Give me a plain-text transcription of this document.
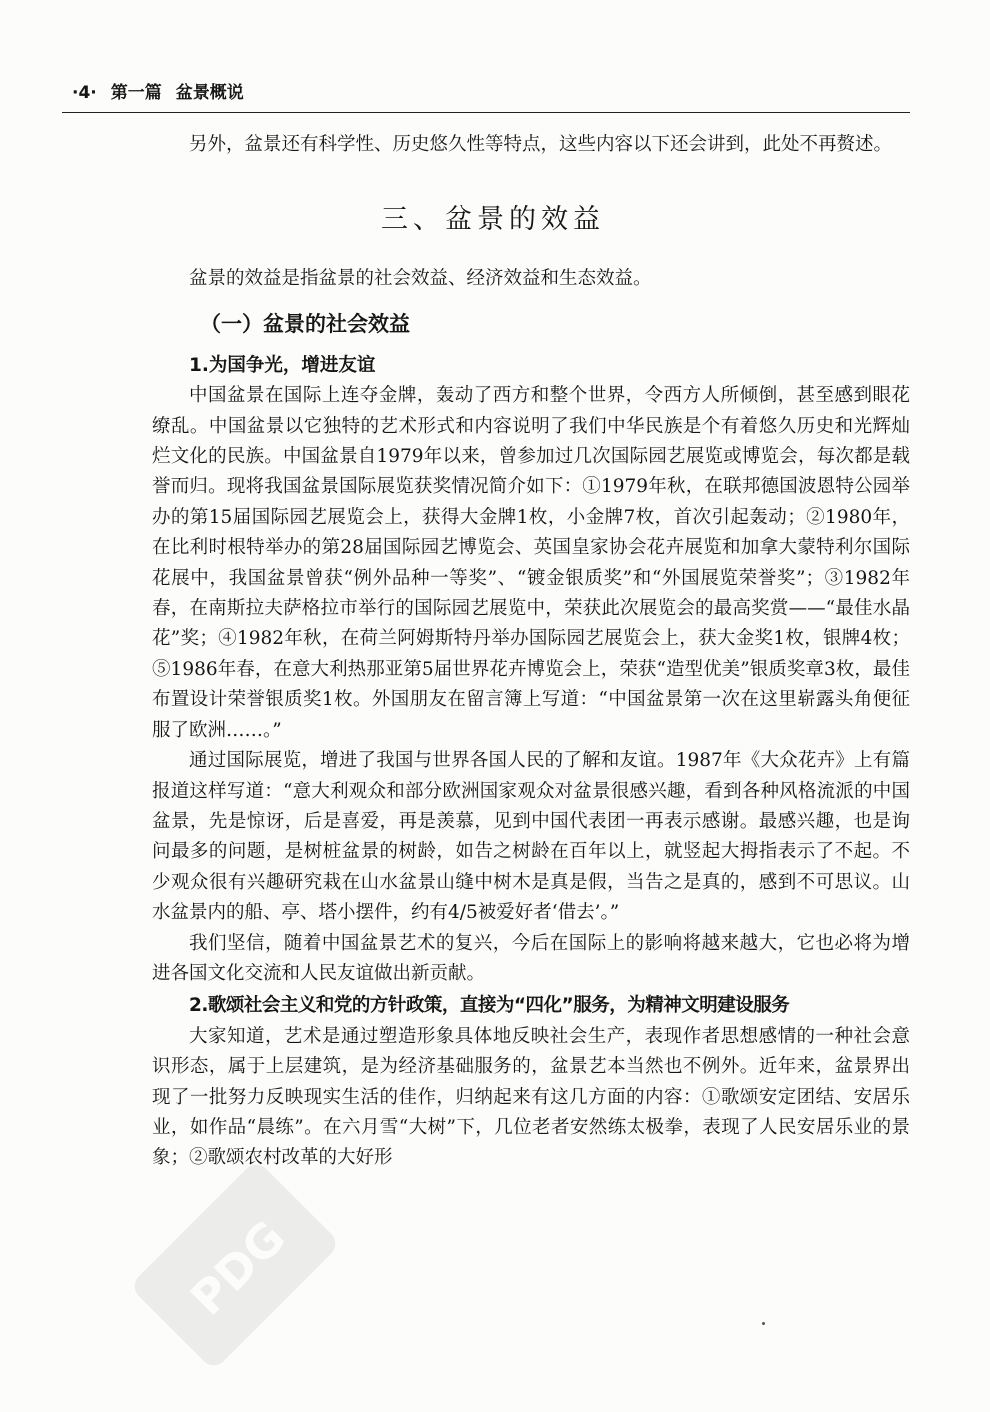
·4· 第一篇 盆景概说

另外，盆景还有科学性、历史悠久性等特点，这些内容以下还会讲到，此处不再赘述。

三、盆景的效益

盆景的效益是指盆景的社会效益、经济效益和生态效益。

（一）盆景的社会效益
1.为国争光，增进友谊

中国盆景在国际上连夺金牌，轰动了西方和整个世界，令西方人所倾倒，甚至感到眼花缭乱。中国盆景以它独特的艺术形式和内容说明了我们中华民族是个有着悠久历史和光辉灿烂文化的民族。中国盆景自1979年以来，曾参加过几次国际园艺展览或博览会，每次都是载誉而归。现将我国盆景国际展览获奖情况简介如下：①1979年秋，在联邦德国波恩特公园举办的第15届国际园艺展览会上，获得大金牌1枚，小金牌7枚，首次引起轰动；②1980年，在比利时根特举办的第28届国际园艺博览会、英国皇家协会花卉展览和加拿大蒙特利尔国际花展中，我国盆景曾获“例外品种一等奖”、“镀金银质奖”和“外国展览荣誉奖”；③1982年春，在南斯拉夫萨格拉市举行的国际园艺展览中，荣获此次展览会的最高奖赏——“最佳水晶花”奖；④1982年秋，在荷兰阿姆斯特丹举办国际园艺展览会上，获大金奖1枚，银牌4枚；⑤1986年春，在意大利热那亚第5届世界花卉博览会上，荣获“造型优美”银质奖章3枚，最佳布置设计荣誉银质奖1枚。外国朋友在留言簿上写道：“中国盆景第一次在这里崭露头角便征服了欧洲……。”

通过国际展览，增进了我国与世界各国人民的了解和友谊。1987年《大众花卉》上有篇报道这样写道：“意大利观众和部分欧洲国家观众对盆景很感兴趣，看到各种风格流派的中国盆景，先是惊讶，后是喜爱，再是羡慕，见到中国代表团一再表示感谢。最感兴趣，也是询问最多的问题，是树桩盆景的树龄，如告之树龄在百年以上，就竖起大拇指表示了不起。不少观众很有兴趣研究栽在山水盆景山缝中树木是真是假，当告之是真的，感到不可思议。山水盆景内的船、亭、塔小摆件，约有4/5被爱好者‘借去’。”

我们坚信，随着中国盆景艺术的复兴，今后在国际上的影响将越来越大，它也必将为增进各国文化交流和人民友谊做出新贡献。

2.歌颂社会主义和党的方针政策，直接为“四化”服务，为精神文明建设服务

大家知道，艺术是通过塑造形象具体地反映社会生产，表现作者思想感情的一种社会意识形态，属于上层建筑，是为经济基础服务的，盆景艺本当然也不例外。近年来，盆景界出现了一批努力反映现实生活的佳作，归纳起来有这几方面的内容：①歌颂安定团结、安居乐业，如作品“晨练”。在六月雪“大树”下，几位老者安然练太极拳，表现了人民安居乐业的景象；②歌颂农村改革的大好形

PDG
